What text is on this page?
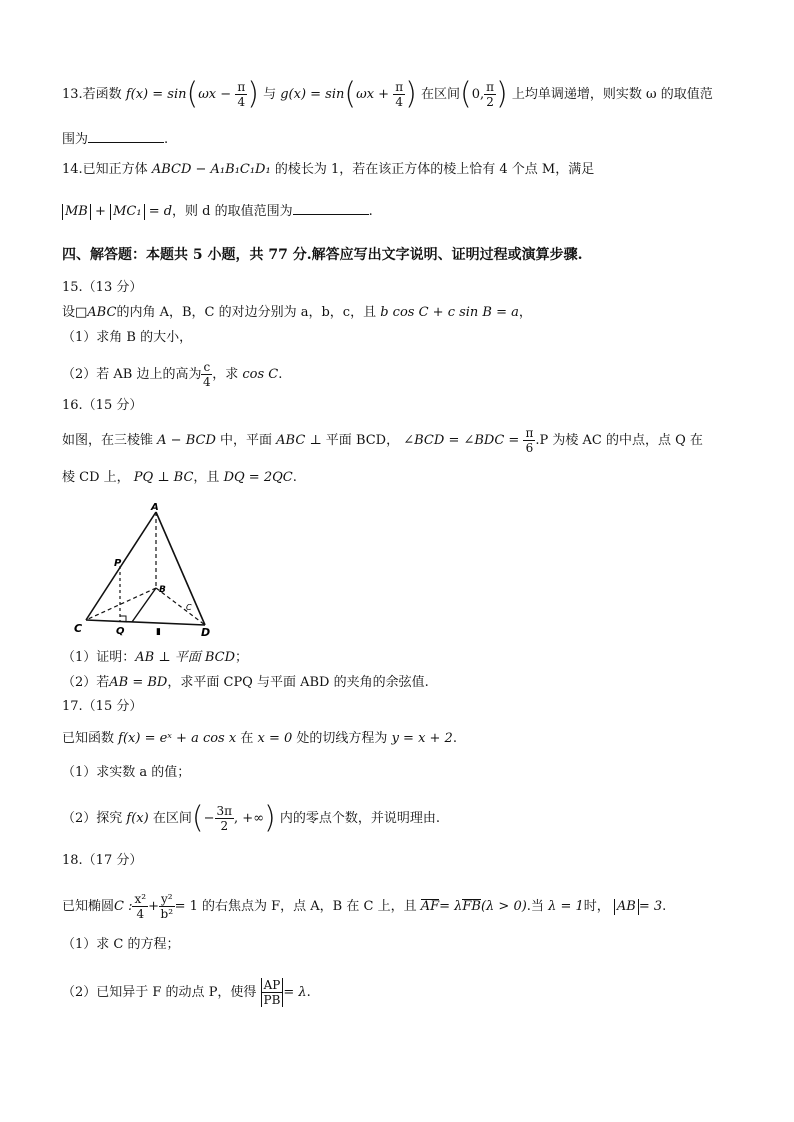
13.若函数 $f(x) = \sin(\omega x - \frac{\pi}{4}$ ) 与 $g(x) = \sin(\omega x + \frac{\pi}{4}$ ) 在区间(0, $\frac{\pi}{2}$ ) 上均单调递增，则实数 ω 的取值范
围为	.
14.已知正方体 ABCD − A₁B₁C₁D₁ 的棱长为 1，若在该正方体的棱上恰有 4 个点 M，满足
MB + MC₁ = d，则 d 的取值范围为	.
四、解答题：本题共 5 小题，共 77 分.解答应写出文字说明、证明过程或演算步骤.
15.（13 分）
设□ABC的内角 A，B，C 的对边分别为 a，b，c，且 b cos C + c sin B = a，
（1）求角 B 的大小，
（2）若 AB 边上的高为 $\frac{c}{4}$ ，求 cos C.
16.（15 分）
如图，在三棱锥 A − BCD 中，平面 ABC ⊥ 平面 BCD， ∠BCD = ∠BDC = $\frac{\pi}{6} .P$ 为棱 AC 的中点，点 Q 在
棱 CD 上， PQ ⊥ BC，且 DQ = 2QC.
A
P
B
C
C	Q	▮	D
（1）证明：AB ⊥ 平面 BCD；
（2）若AB = BD，求平面 CPQ 与平面 ABD 的夹角的余弦值.
17.（15 分）
已知函数 f(x) = eˣ + a cos x 在 x = 0 处的切线方程为 y = x + 2.
（1）求实数 a 的值；
（2）探究 f(x) 在区间(− $\frac{3\pi}{2}$ , +∞) 内的零点个数，并说明理由.
18.（17 分）
已知椭圆C : $\frac{\text{x²}}{4} + \frac{\text{y²}}{\text{b²}} = 1$ 的右焦点为 F，点 A，B 在 C 上，且 AF= λFB(λ > 0).当 λ = 1时， AB = 3.
（1）求 C 的方程；
（2）已知异于 F 的动点 P，使得 $\frac{AP}{PB} = \lambda$.
